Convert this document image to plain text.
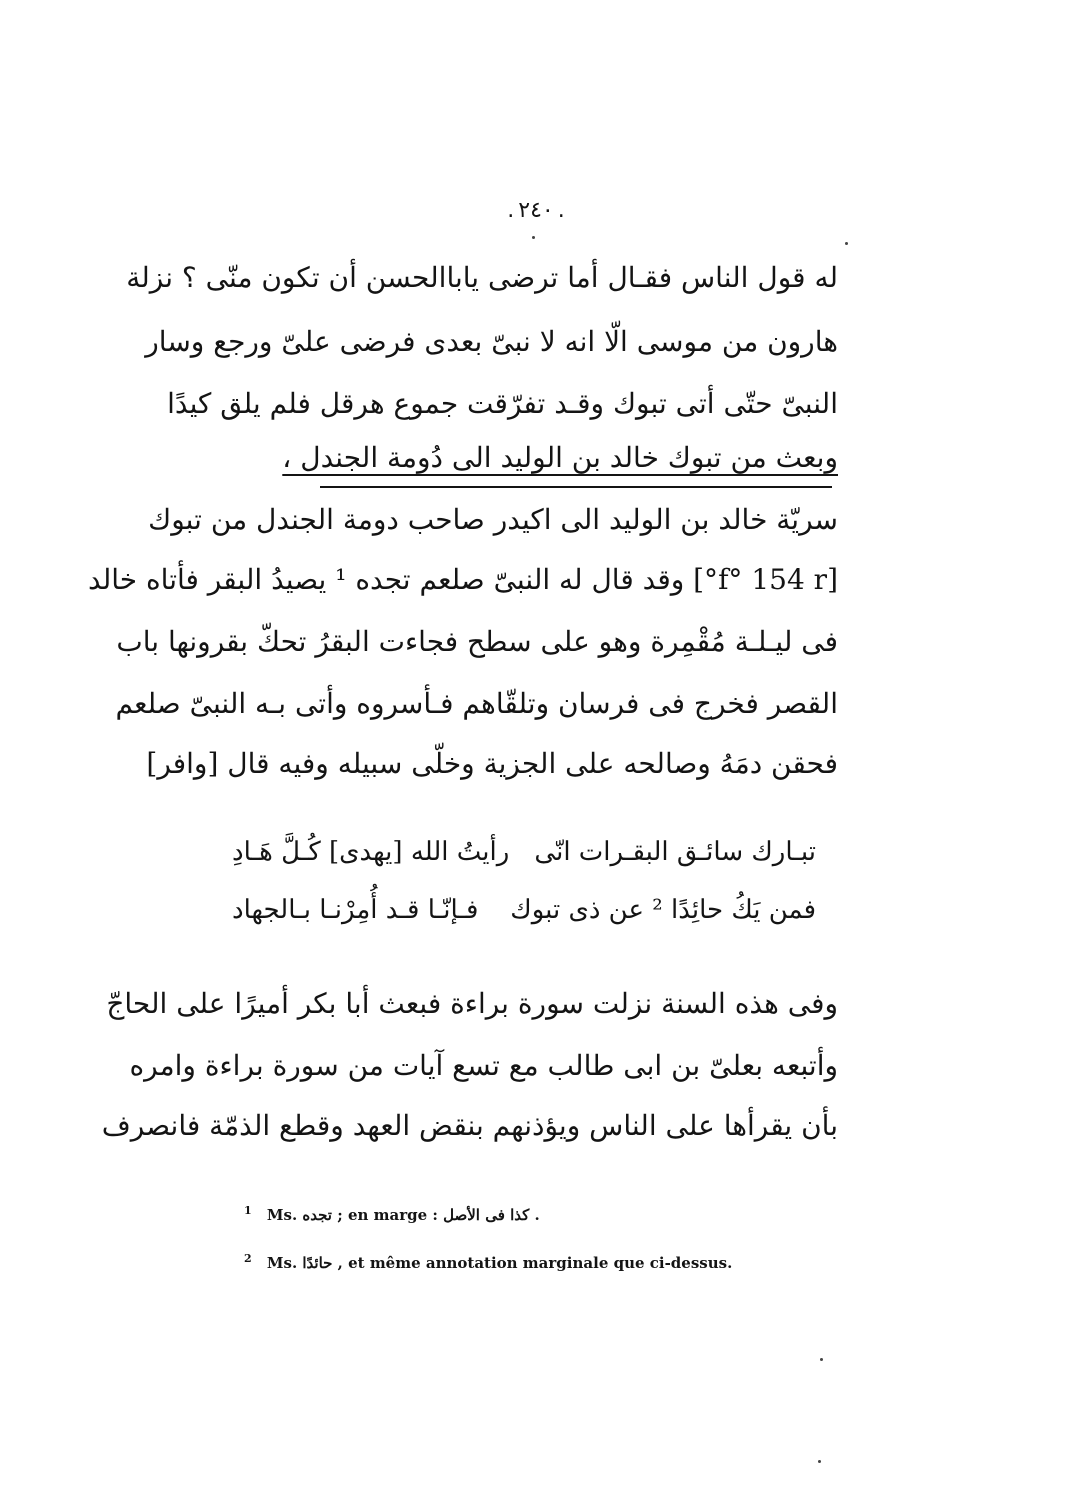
. ٢٤٠ .
له قول الناس فقـال أما ترضى ياباالحسن أن تكون منّى ؟ نزلة
هارون من موسى الّا انه لا نبىّ بعدى فرضى علىّ ورجع وسار
النبىّ حتّى أتى تبوك وقـد تفرّقت جموع هرقل فلم يلق كيدًا
وبعث من تبوك خالد بن الوليد الى دُومة الجندل ،
سريّة خالد بن الوليد الى اكيدر صاحب دومة الجندل من تبوك
[f° 154 r°] وقد قال له النبىّ صلعم تجده ¹ يصيدُ البقر فأتاه خالد
فى ليـلـة مُقْمِرة وهو على سطح فجاءت البقرُ تحكّ بقرونها باب
القصر فخرج فى فرسان وتلقّاهم فـأسروه وأتى بـه النبىّ صلعم
فحقن دمَهُ وصالحه على الجزية وخلّى سبيله وفيه قال [وافر]
تبـارك سائـق البقـرات انّى
رأيتُ الله [يهدى] كُـلَّ هَـادِ
فمن يَكُ حائِدًا ² عن ذى تبوك
فـإنّـا قـد أُمِرْنـا بـالجهاد
وفى هذه السنة نزلت سورة براءة فبعث أبا بكر أميرًا على الحاجّ
وأتبعه بعلىّ بن ابى طالب مع تسع آيات من سورة براءة وامره
بأن يقرأها على الناس ويؤذنهم بنقض العهد وقطع الذمّة فانصرف
$^1$ Ms. تجده ; en marge : كذا فى الأصل .
$^2$ Ms. حائدًا , et même annotation marginale que ci-dessus.
